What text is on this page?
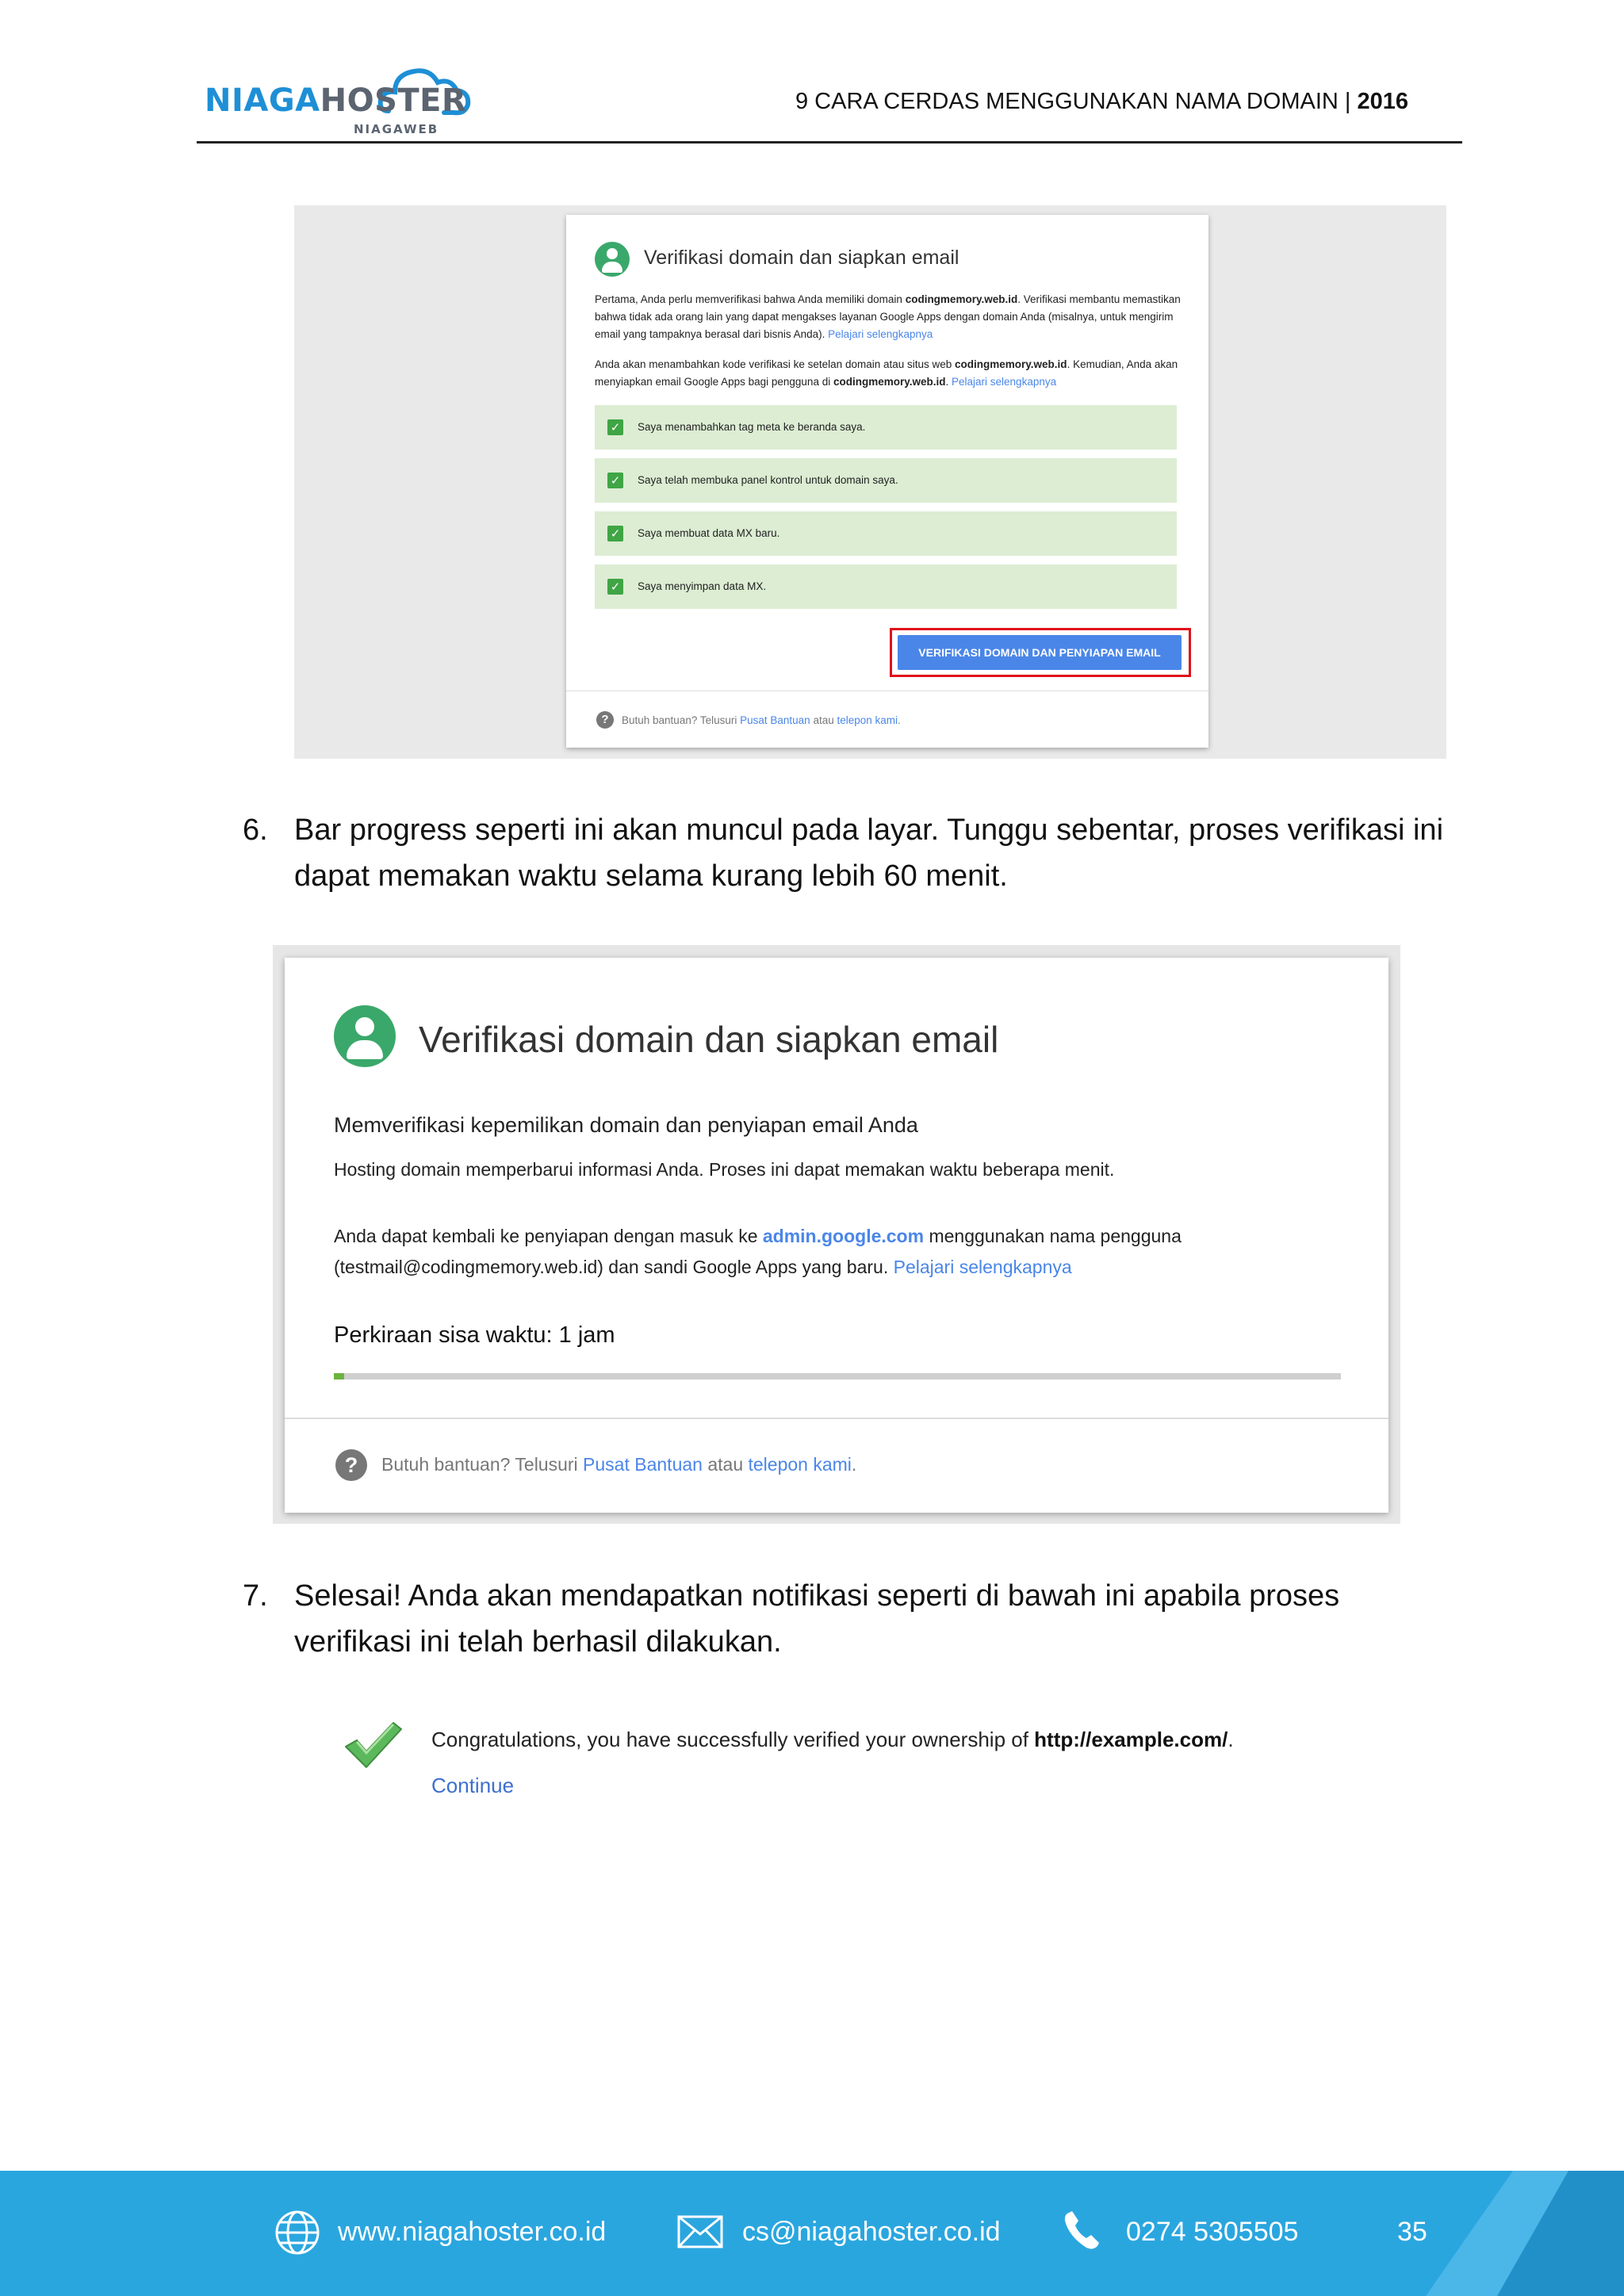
NIAGAHOSTER
NIAGAWEB
9 CARA CERDAS MENGGUNAKAN NAMA DOMAIN | 2016
Verifikasi domain dan siapkan email
Pertama, Anda perlu memverifikasi bahwa Anda memiliki domain codingmemory.web.id. Verifikasi membantu memastikan bahwa tidak ada orang lain yang dapat mengakses layanan Google Apps dengan domain Anda (misalnya, untuk mengirim email yang tampaknya berasal dari bisnis Anda). Pelajari selengkapnya
Anda akan menambahkan kode verifikasi ke setelan domain atau situs web codingmemory.web.id. Kemudian, Anda akan menyiapkan email Google Apps bagi pengguna di codingmemory.web.id. Pelajari selengkapnya
✓ Saya menambahkan tag meta ke beranda saya.
✓ Saya telah membuka panel kontrol untuk domain saya.
✓ Saya membuat data MX baru.
✓ Saya menyimpan data MX.
VERIFIKASI DOMAIN DAN PENYIAPAN EMAIL
?	Butuh bantuan? Telusuri Pusat Bantuan atau telepon kami.
6. Bar progress seperti ini akan muncul pada layar. Tunggu sebentar, proses verifikasi ini dapat memakan waktu selama kurang lebih 60 menit.
Verifikasi domain dan siapkan email
Memverifikasi kepemilikan domain dan penyiapan email Anda
Hosting domain memperbarui informasi Anda. Proses ini dapat memakan waktu beberapa menit.
Anda dapat kembali ke penyiapan dengan masuk ke admin.google.com menggunakan nama pengguna (testmail@codingmemory.web.id) dan sandi Google Apps yang baru. Pelajari selengkapnya
Perkiraan sisa waktu: 1 jam
?	Butuh bantuan? Telusuri Pusat Bantuan atau telepon kami.
7. Selesai! Anda akan mendapatkan notifikasi seperti di bawah ini apabila proses verifikasi ini telah berhasil dilakukan.
Congratulations, you have successfully verified your ownership of http://example.com/.
Continue
www.niagahoster.co.id	cs@niagahoster.co.id	0274 5305505	35
